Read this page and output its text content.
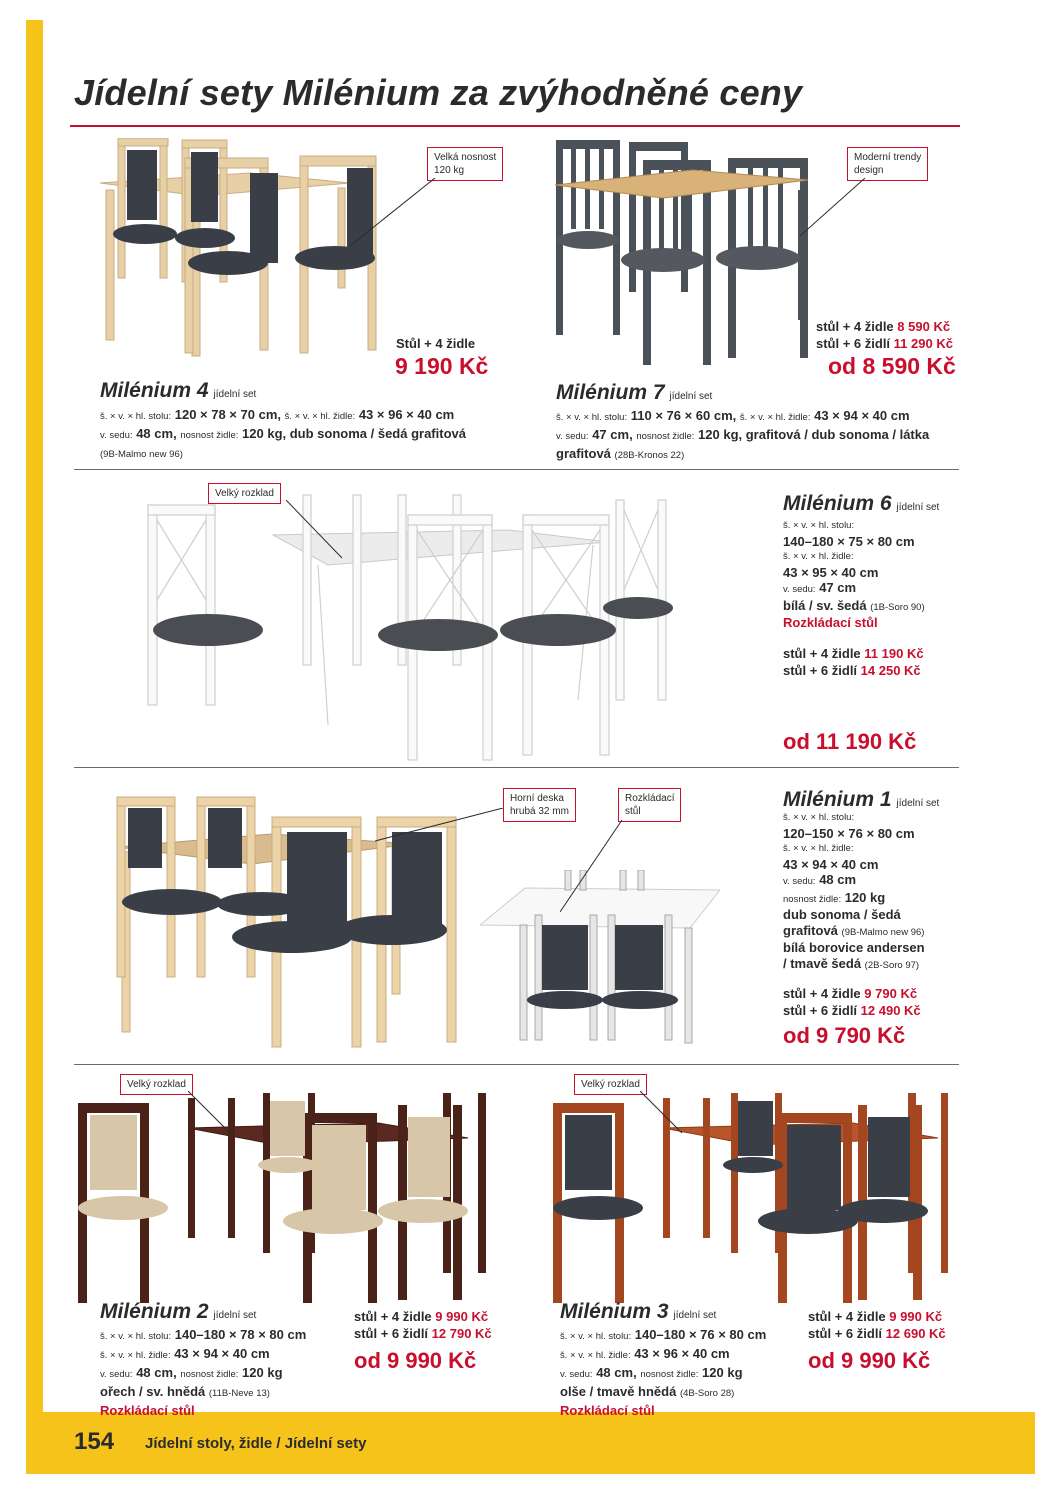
Jídelní sety Milénium za zvýhodněné ceny
Velká nosnost
120 kg
Stůl + 4 židle
9 190 Kč
Milénium 4 jídelní set
š. × v. × hl. stolu: 120 × 78 × 70 cm, š. × v. × hl. židle: 43 × 96 × 40 cm
v. sedu: 48 cm, nosnost židle: 120 kg, dub sonoma / šedá grafitová
(9B-Malmo new 96)
Moderní trendy
design
stůl + 4 židle 8 590 Kč
stůl + 6 židlí 11 290 Kč
od 8 590 Kč
Milénium 7 jídelní set
š. × v. × hl. stolu: 110 × 76 × 60 cm, š. × v. × hl. židle: 43 × 94 × 40 cm
v. sedu: 47 cm, nosnost židle: 120 kg, grafitová / dub sonoma / látka
grafitová (28B-Kronos 22)
Velký rozklad	Milénium 6 jídelní set
š. × v. × hl. stolu:
140–180 × 75 × 80 cm
š. × v. × hl. židle:
43 × 95 × 40 cm
v. sedu: 47 cm
bílá / sv. šedá (1B-Soro 90)
Rozkládací stůl
stůl + 4 židle 11 190 Kč
stůl + 6 židlí 14 250 Kč
od 11 190 Kč
Horní deska
hrubá 32 mm
Rozkládací
stůl
Milénium 1 jídelní set
š. × v. × hl. stolu:
120–150 × 76 × 80 cm
š. × v. × hl. židle:
43 × 94 × 40 cm
v. sedu: 48 cm
nosnost židle: 120 kg
dub sonoma / šedá
grafitová (9B-Malmo new 96)
bílá borovice andersen
/ tmavě šedá (2B-Soro 97)
stůl + 4 židle 9 790 Kč
stůl + 6 židlí 12 490 Kč
od 9 790 Kč
Velký rozklad
Milénium 2 jídelní set
š. × v. × hl. stolu: 140–180 × 78 × 80 cm
š. × v. × hl. židle: 43 × 94 × 40 cm
v. sedu: 48 cm, nosnost židle: 120 kg
ořech / sv. hnědá (11B-Neve 13)
Rozkládací stůl
stůl + 4 židle 9 990 Kč
stůl + 6 židlí 12 790 Kč
od 9 990 Kč
Velký rozklad
Milénium 3 jídelní set
š. × v. × hl. stolu: 140–180 × 76 × 80 cm
š. × v. × hl. židle: 43 × 96 × 40 cm
v. sedu: 48 cm, nosnost židle: 120 kg
olše / tmavě hnědá (4B-Soro 28)
Rozkládací stůl
stůl + 4 židle 9 990 Kč
stůl + 6 židlí 12 690 Kč
od 9 990 Kč
154 Jídelní stoly, židle / Jídelní sety
